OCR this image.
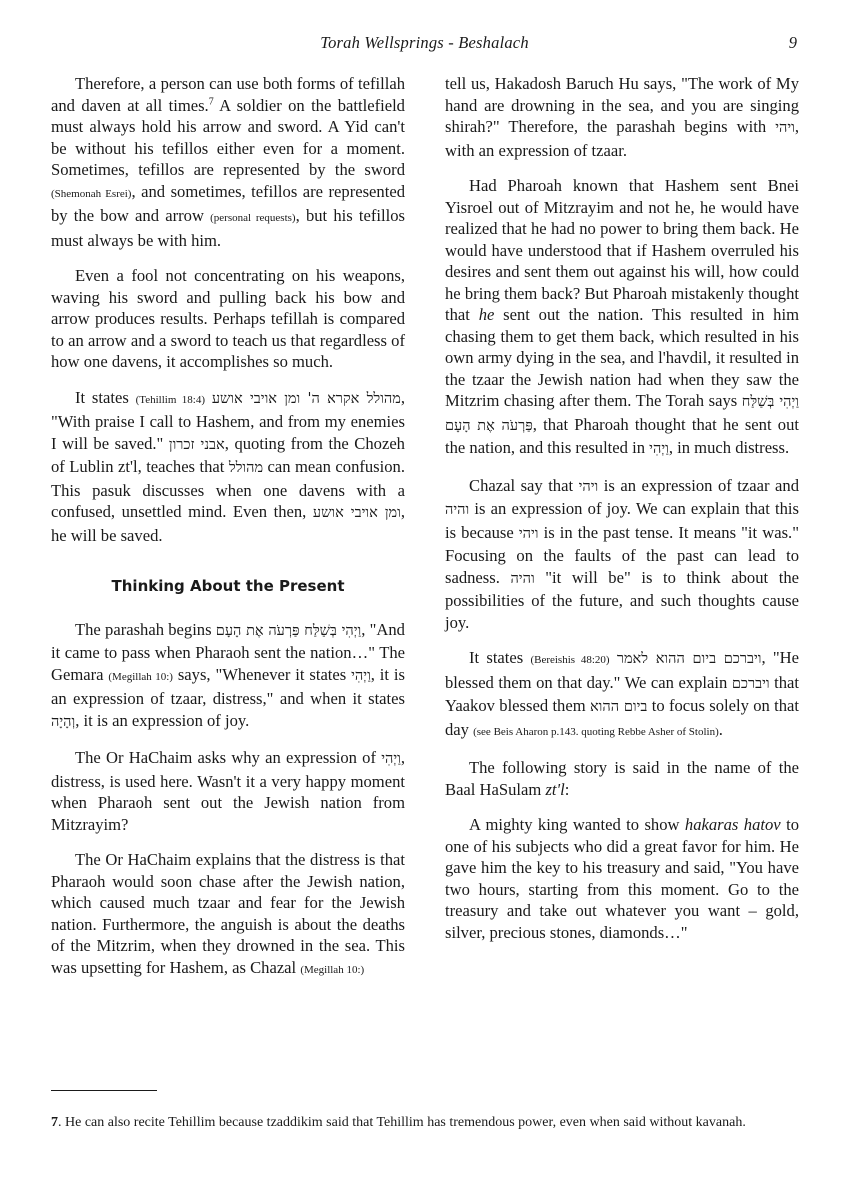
Torah Wellsprings - Beshalach	9

Therefore, a person can use both forms of tefillah and daven at all times.$^7$ A soldier on the battlefield must always hold his arrow and sword. A Yid can't be without his tefillos either even for a moment. Sometimes, tefillos are represented by the sword (Shemonah Esrei), and sometimes, tefillos are represented by the bow and arrow (personal requests), but his tefillos must always be with him.

Even a fool not concentrating on his weapons, waving his sword and pulling back his bow and arrow produces results. Perhaps tefillah is compared to an arrow and a sword to teach us that regardless of how one davens, it accomplishes so much.

It states (Tehillim 18:4) מהולל אקרא ה' ומן אויבי אושע, "With praise I call to Hashem, and from my enemies I will be saved." אבני זכרון, quoting from the Chozeh of Lublin zt'l, teaches that מהולל can mean confusion. This pasuk discusses when one davens with a confused, unsettled mind. Even then, ומן אויבי אושע, he will be saved.

Thinking About the Present

The parashah begins וַיְהִי בְּשַׁלַּח פַּרְעֹה אֶת הָעָם, "And it came to pass when Pharaoh sent the nation…" The Gemara (Megillah 10:) says, "Whenever it states וַיְהִי, it is an expression of tzaar, distress," and when it states וְהָיָה, it is an expression of joy.

The Or HaChaim asks why an expression of וַיְהִי, distress, is used here. Wasn't it a very happy moment when Pharaoh sent out the Jewish nation from Mitzrayim?

The Or HaChaim explains that the distress is that Pharaoh would soon chase after the Jewish nation, which caused much tzaar and fear for the Jewish nation. Furthermore, the anguish is about the deaths of the Mitzrim, when they drowned in the sea. This was upsetting for Hashem, as Chazal (Megillah 10:)

tell us, Hakadosh Baruch Hu says, "The work of My hand are drowning in the sea, and you are singing shirah?" Therefore, the parashah begins with ויהי, with an expression of tzaar.

Had Pharoah known that Hashem sent Bnei Yisroel out of Mitzrayim and not he, he would have realized that he had no power to bring them back. He would have understood that if Hashem overruled his desires and sent them out against his will, how could he bring them back? But Pharoah mistakenly thought that he sent out the nation. This resulted in him chasing them to get them back, which resulted in his own army dying in the sea, and l'havdil, it resulted in the tzaar the Jewish nation had when they saw the Mitzrim chasing after them. The Torah says וַיְהִי בְּשַׁלַּח פַּרְעֹה אֶת הָעָם, that Pharoah thought that he sent out the nation, and this resulted in וַיְהִי, in much distress.

Chazal say that ויהי is an expression of tzaar and והיה is an expression of joy. We can explain that this is because ויהי is in the past tense. It means "it was." Focusing on the faults of the past can lead to sadness. והיה "it will be" is to think about the possibilities of the future, and such thoughts cause joy.

It states (Bereishis 48:20) ויברכם ביום ההוא לאמר, "He blessed them on that day." We can explain ויברכם that Yaakov blessed them ביום ההוא to focus solely on that day (see Beis Aharon p.143. quoting Rebbe Asher of Stolin).

The following story is said in the name of the Baal HaSulam zt'l:

A mighty king wanted to show hakaras hatov to one of his subjects who did a great favor for him. He gave him the key to his treasury and said, "You have two hours, starting from this moment. Go to the treasury and take out whatever you want – gold, silver, precious stones, diamonds…"

7. He can also recite Tehillim because tzaddikim said that Tehillim has tremendous power, even when said without kavanah.
